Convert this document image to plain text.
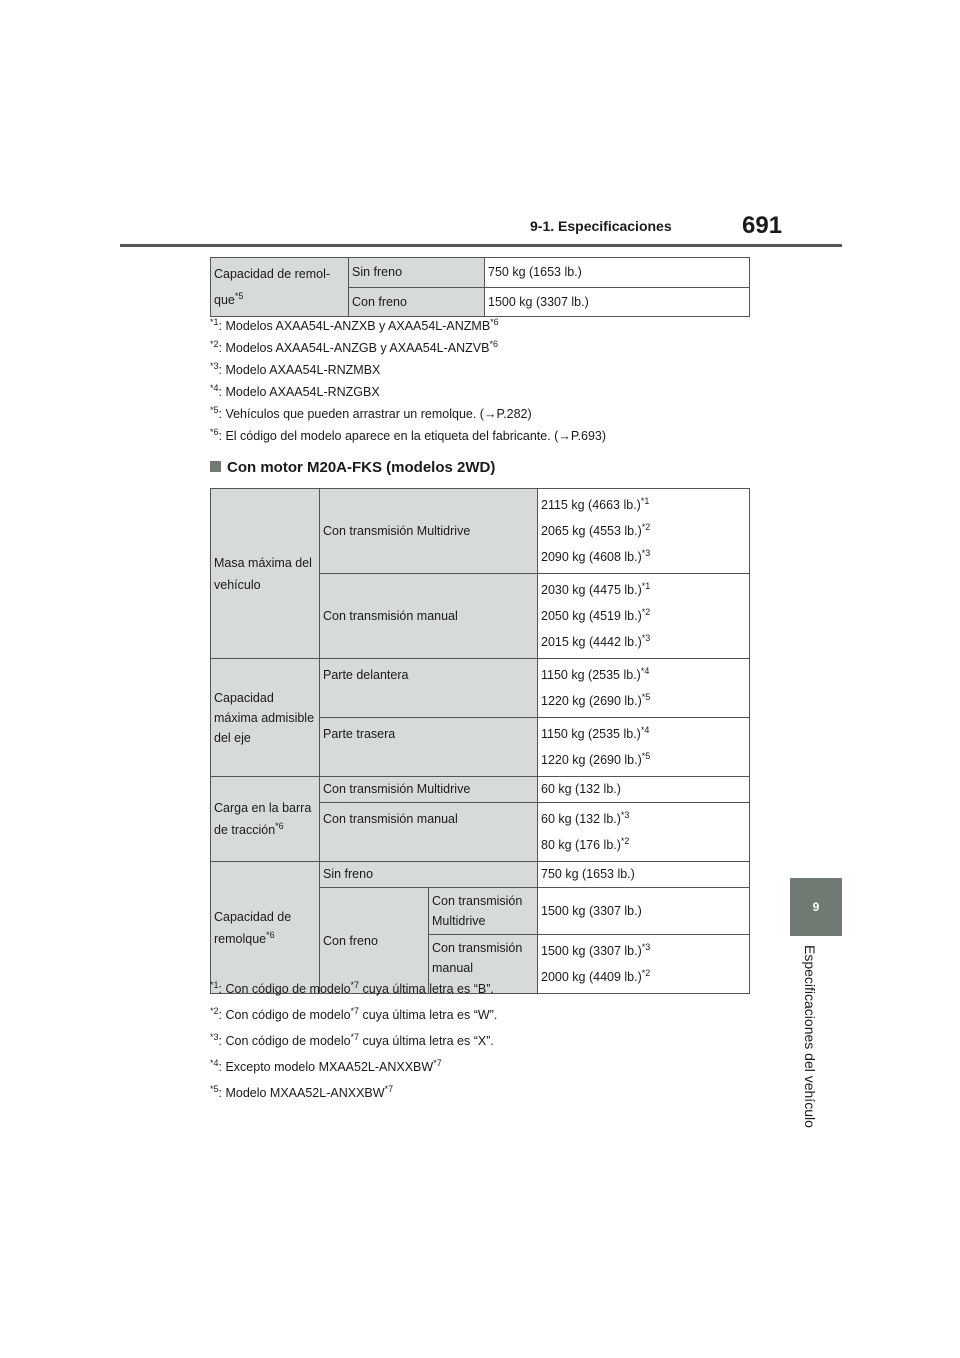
9-1. Especificaciones	691
9
Especificaciones del vehículo
Capacidad de remol-que$^{*5}$	Sin freno	750 kg (1653 lb.)
	Con freno	1500 kg (3307 lb.)
$^{*1}$: Modelos AXAA54L-ANZXB y AXAA54L-ANZMB$^{*6}$
$^{*2}$: Modelos AXAA54L-ANZGB y AXAA54L-ANZVB$^{*6}$
$^{*3}$: Modelo AXAA54L-RNZMBX
$^{*4}$: Modelo AXAA54L-RNZGBX
$^{*5}$: Vehículos que pueden arrastrar un remolque. (→P.282)
$^{*6}$: El código del modelo aparece en la etiqueta del fabricante. (→P.693)
Con motor M20A-FKS (modelos 2WD)
Masa máxima del vehículo	Con transmisión Multidrive		2115 kg (4663 lb.)$^{*1}$
2065 kg (4553 lb.)$^{*2}$
2090 kg (4608 lb.)$^{*3}$

	Con transmisión manual		2030 kg (4475 lb.)$^{*1}$
2050 kg (4519 lb.)$^{*2}$
2015 kg (4442 lb.)$^{*3}$

Capacidad máxima admisible del eje	Parte delantera		1150 kg (2535 lb.)$^{*4}$
1220 kg (2690 lb.)$^{*5}$

	Parte trasera		1150 kg (2535 lb.)$^{*4}$
1220 kg (2690 lb.)$^{*5}$

Carga en la barra de tracción$^{*6}$	Con transmisión Multidrive		60 kg (132 lb.)
	Con transmisión manual		60 kg (132 lb.)$^{*3}$
80 kg (176 lb.)$^{*2}$

Capacidad de remolque$^{*6}$	Sin freno		750 kg (1653 lb.)
	Con freno	Con transmisión Multidrive	1500 kg (3307 lb.)
		Con transmisión manual	1500 kg (3307 lb.)$^{*3}$
2000 kg (4409 lb.)$^{*2}$
$^{*1}$: Con código de modelo$^{*7}$ cuya última letra es “B”.
$^{*2}$: Con código de modelo$^{*7}$ cuya última letra es “W”.
$^{*3}$: Con código de modelo$^{*7}$ cuya última letra es “X”.
$^{*4}$: Excepto modelo MXAA52L-ANXXBW$^{*7}$
$^{*5}$: Modelo MXAA52L-ANXXBW$^{*7}$
